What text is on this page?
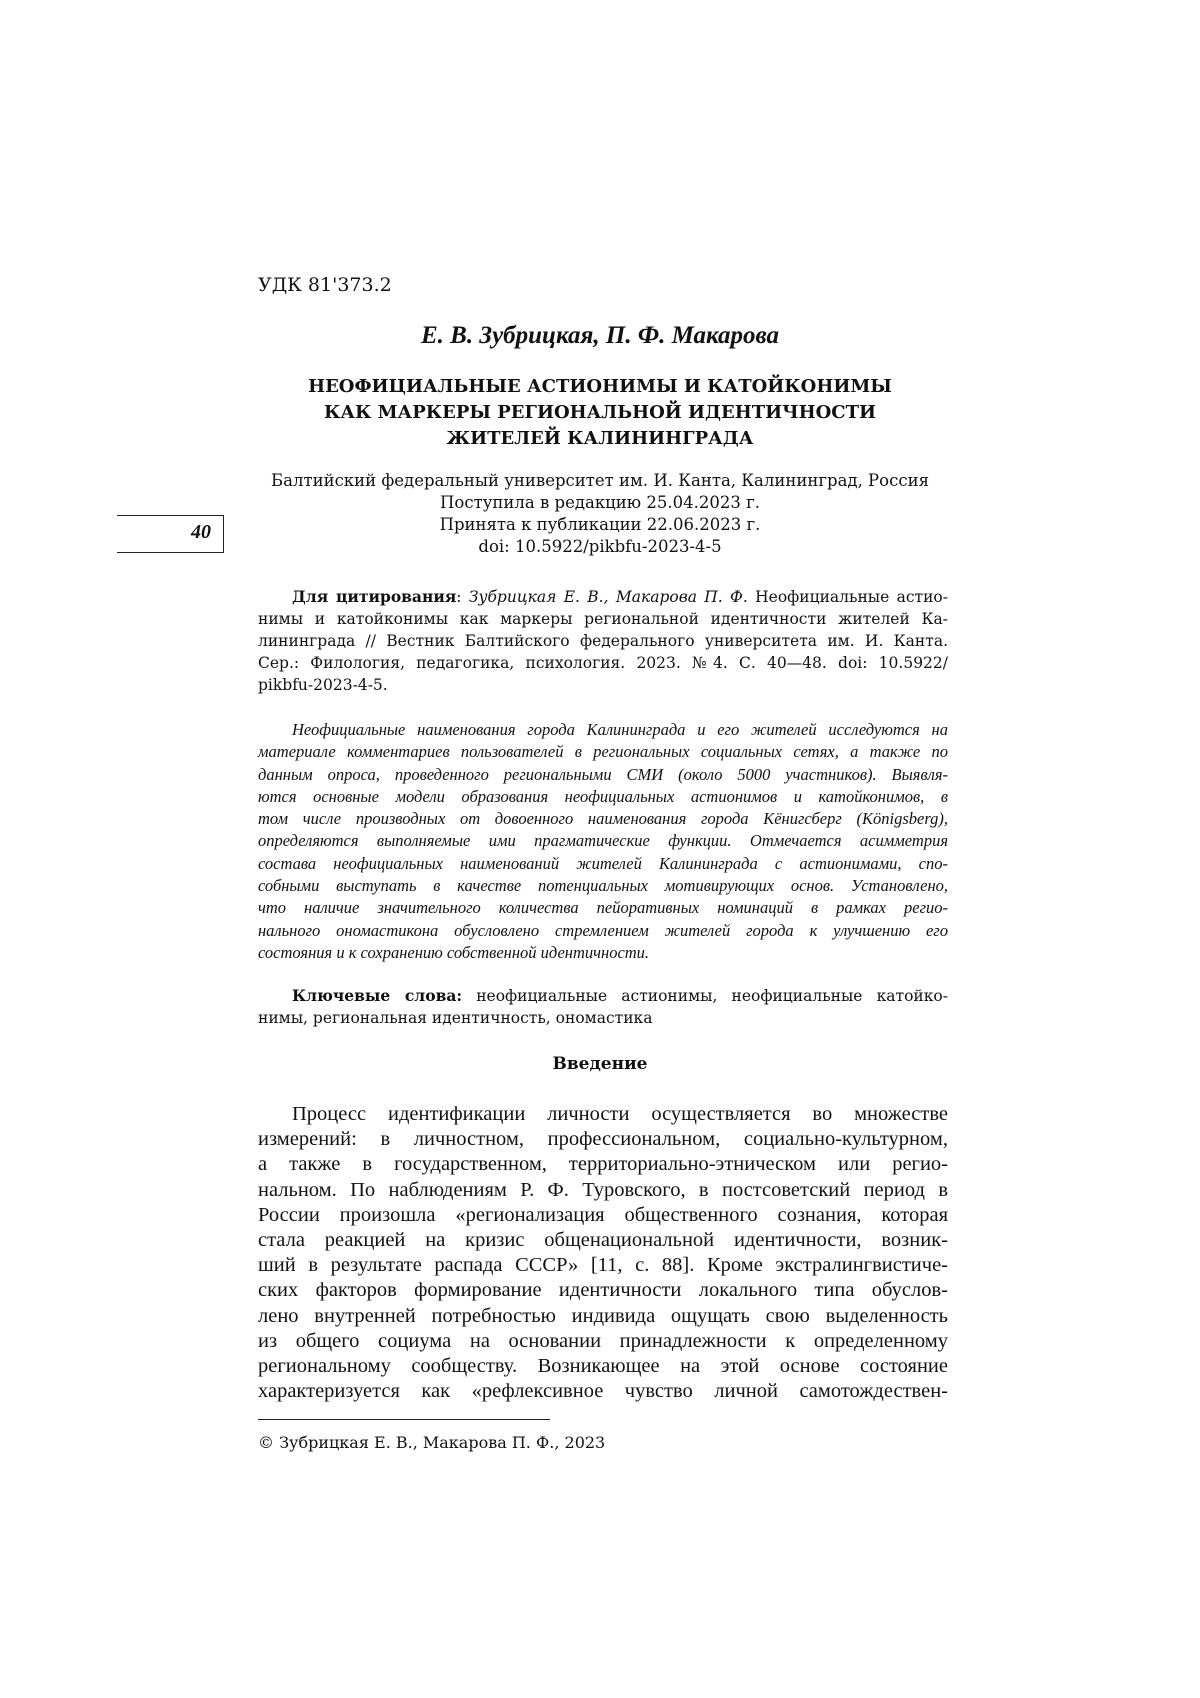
УДК 81'373.2
Е. В. Зубрицкая, П. Ф. Макарова
НЕОФИЦИАЛЬНЫЕ АСТИОНИМЫ И КАТОЙКОНИМЫ
КАК МАРКЕРЫ РЕГИОНАЛЬНОЙ ИДЕНТИЧНОСТИ
ЖИТЕЛЕЙ КАЛИНИНГРАДА
Балтийский федеральный университет им. И. Канта, Калининград, Россия
Поступила в редакцию 25.04.2023 г.
Принята к публикации 22.06.2023 г.
doi: 10.5922/pikbfu-2023-4-5
40
Для цитирования: Зубрицкая Е. В., Макарова П. Ф. Неофициальные астио-
нимы и катойконимы как маркеры региональной идентичности жителей Ка-
лининграда // Вестник Балтийского федерального университета им. И. Канта.
Сер.: Филология, педагогика, психология. 2023. №4. С. 40—48. doi: 10.5922/
pikbfu-2023-4-5.
Неофициальные наименования города Калининграда и его жителей исследуются на
материале комментариев пользователей в региональных социальных сетях, а также по
данным опроса, проведенного региональными СМИ (около 5000 участников). Выявля-
ются основные модели образования неофициальных астионимов и катойконимов, в
том числе производных от довоенного наименования города Кёнигсберг (Königsberg),
определяются выполняемые ими прагматические функции. Отмечается асимметрия
состава неофициальных наименований жителей Калининграда с астионимами, спо-
собными выступать в качестве потенциальных мотивирующих основ. Установлено,
что наличие значительного количества пейоративных номинаций в рамках регио-
нального ономастикона обусловлено стремлением жителей города к улучшению его
состояния и к сохранению собственной идентичности.
Ключевые слова: неофициальные астионимы, неофициальные катойко-
нимы, региональная идентичность, ономастика
Введение
Процесс идентификации личности осуществляется во множестве
измерений: в личностном, профессиональном, социально-культурном,
а также в государственном, территориально-этническом или регио-
нальном. По наблюдениям Р. Ф. Туровского, в постсоветский период в
России произошла «регионализация общественного сознания, которая
стала реакцией на кризис общенациональной идентичности, возник-
ший в результате распада СССР» [11, с. 88]. Кроме экстралингвистиче-
ских факторов формирование идентичности локального типа обуслов-
лено внутренней потребностью индивида ощущать свою выделенность
из общего социума на основании принадлежности к определенному
региональному сообществу. Возникающее на этой основе состояние
характеризуется как «рефлексивное чувство личной самотождествен-
© Зубрицкая Е. В., Макарова П. Ф., 2023
